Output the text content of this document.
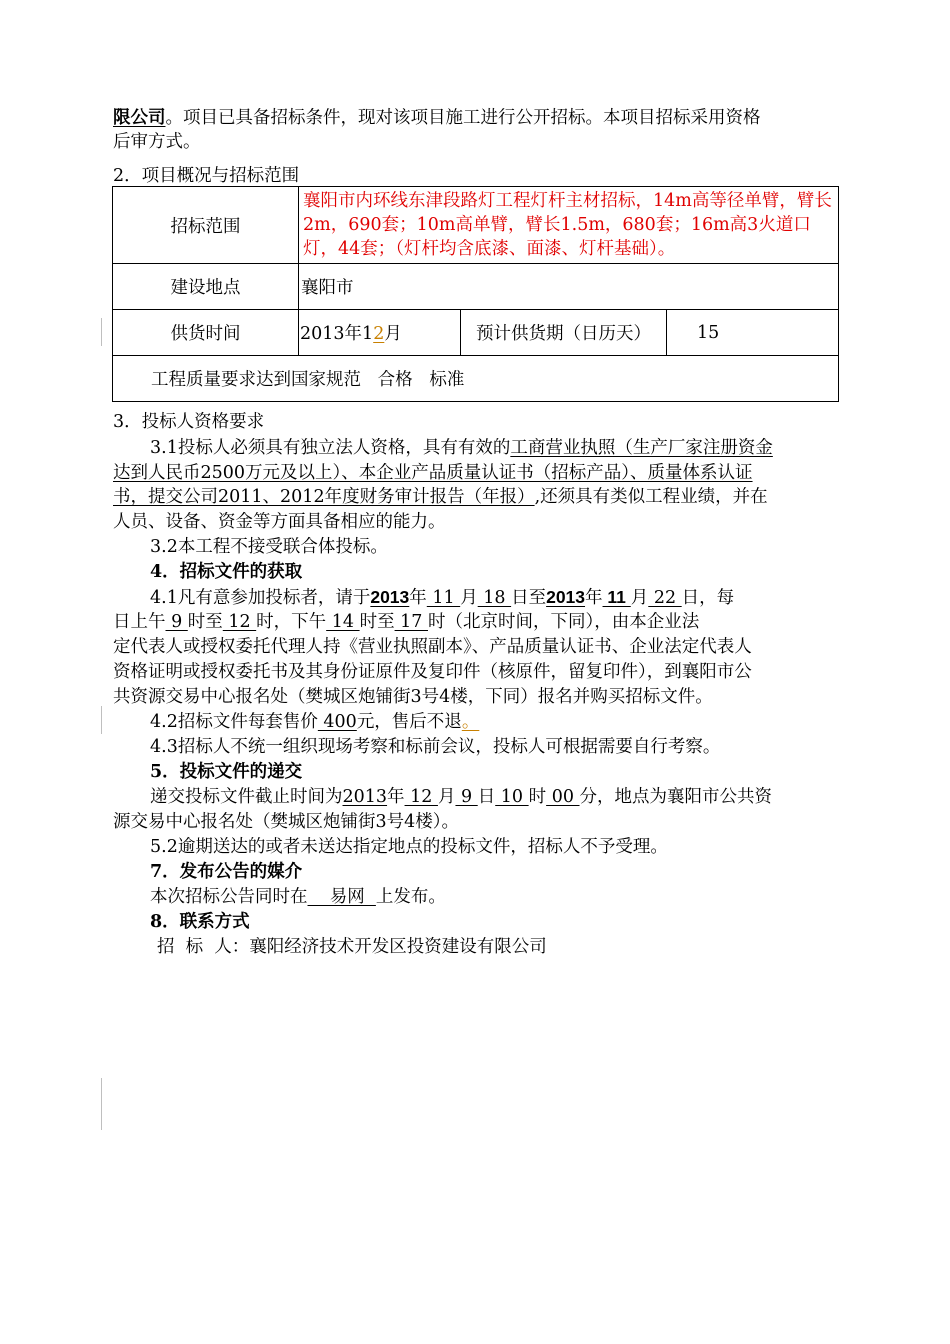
限公司。项目已具备招标条件，现对该项目施工进行公开招标。本项目招标采用资格
后审方式。
2．项目概况与招标范围
招标范围	襄阳市内环线东津段路灯工程灯杆主材招标，14m高等径单臂，臂长2m，690套；10m高单臂，臂长1.5m，680套；16m高3火道口灯，44套；（灯杆均含底漆、面漆、灯杆基础）。		
建设地点	襄阳市		
供货时间	2013年12月	预计供货期（日历天）	15
工程质量要求达到国家规范   合格   标准			
3．投标人资格要求
3.1投标人必须具有独立法人资格，具有有效的工商营业执照（生产厂家注册资金
达到人民币2500万元及以上）、本企业产品质量认证书（招标产品）、质量体系认证
书，提交公司2011、2012年度财务审计报告（年报）,还须具有类似工程业绩，并在
人员、设备、资金等方面具备相应的能力。
3.2本工程不接受联合体投标。
4．招标文件的获取
4.1凡有意参加投标者，请于2013年 11 月 18 日至2013年 11 月 22 日，每
日上午 9 时至 12 时，下午 14 时至 17 时（北京时间，下同），由本企业法
定代表人或授权委托代理人持《营业执照副本》、产品质量认证书、企业法定代表人
资格证明或授权委托书及其身份证原件及复印件（核原件，留复印件），到襄阳市公
共资源交易中心报名处（樊城区炮铺街3号4楼，下同）报名并购买招标文件。
4.2招标文件每套售价 400元，售后不退。
4.3招标人不统一组织现场考察和标前会议，投标人可根据需要自行考察。
5．投标文件的递交
递交投标文件截止时间为2013年 12 月 9 日 10 时 00 分，地点为襄阳市公共资
源交易中心报名处（樊城区炮铺街3号4楼）。
5.2逾期送达的或者未送达指定地点的投标文件，招标人不予受理。
7．发布公告的媒介
本次招标公告同时在    易网  上发布。
8．联系方式
招  标  人：襄阳经济技术开发区投资建设有限公司
